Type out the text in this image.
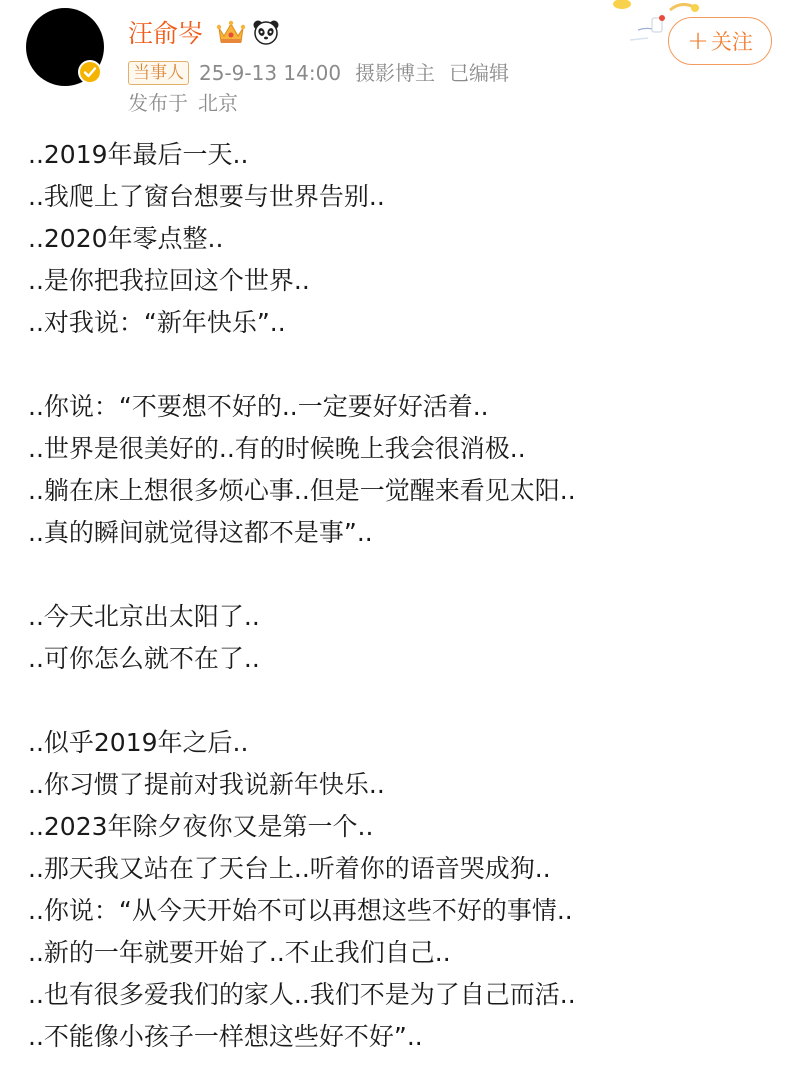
汪俞岑
当事人 25-9-13 14:00 摄影博主 已编辑
发布于 北京
+ 关注
..2019年最后一天..
..我爬上了窗台想要与世界告别..
..2020年零点整..
..是你把我拉回这个世界..
..对我说：“新年快乐”..
..你说：“不要想不好的..一定要好好活着..
..世界是很美好的..有的时候晚上我会很消极..
..躺在床上想很多烦心事..但是一觉醒来看见太阳..
..真的瞬间就觉得这都不是事”..
..今天北京出太阳了..
..可你怎么就不在了..
..似乎2019年之后..
..你习惯了提前对我说新年快乐..
..2023年除夕夜你又是第一个..
..那天我又站在了天台上..听着你的语音哭成狗..
..你说：“从今天开始不可以再想这些不好的事情..
..新的一年就要开始了..不止我们自己..
..也有很多爱我们的家人..我们不是为了自己而活..
..不能像小孩子一样想这些好不好”..
